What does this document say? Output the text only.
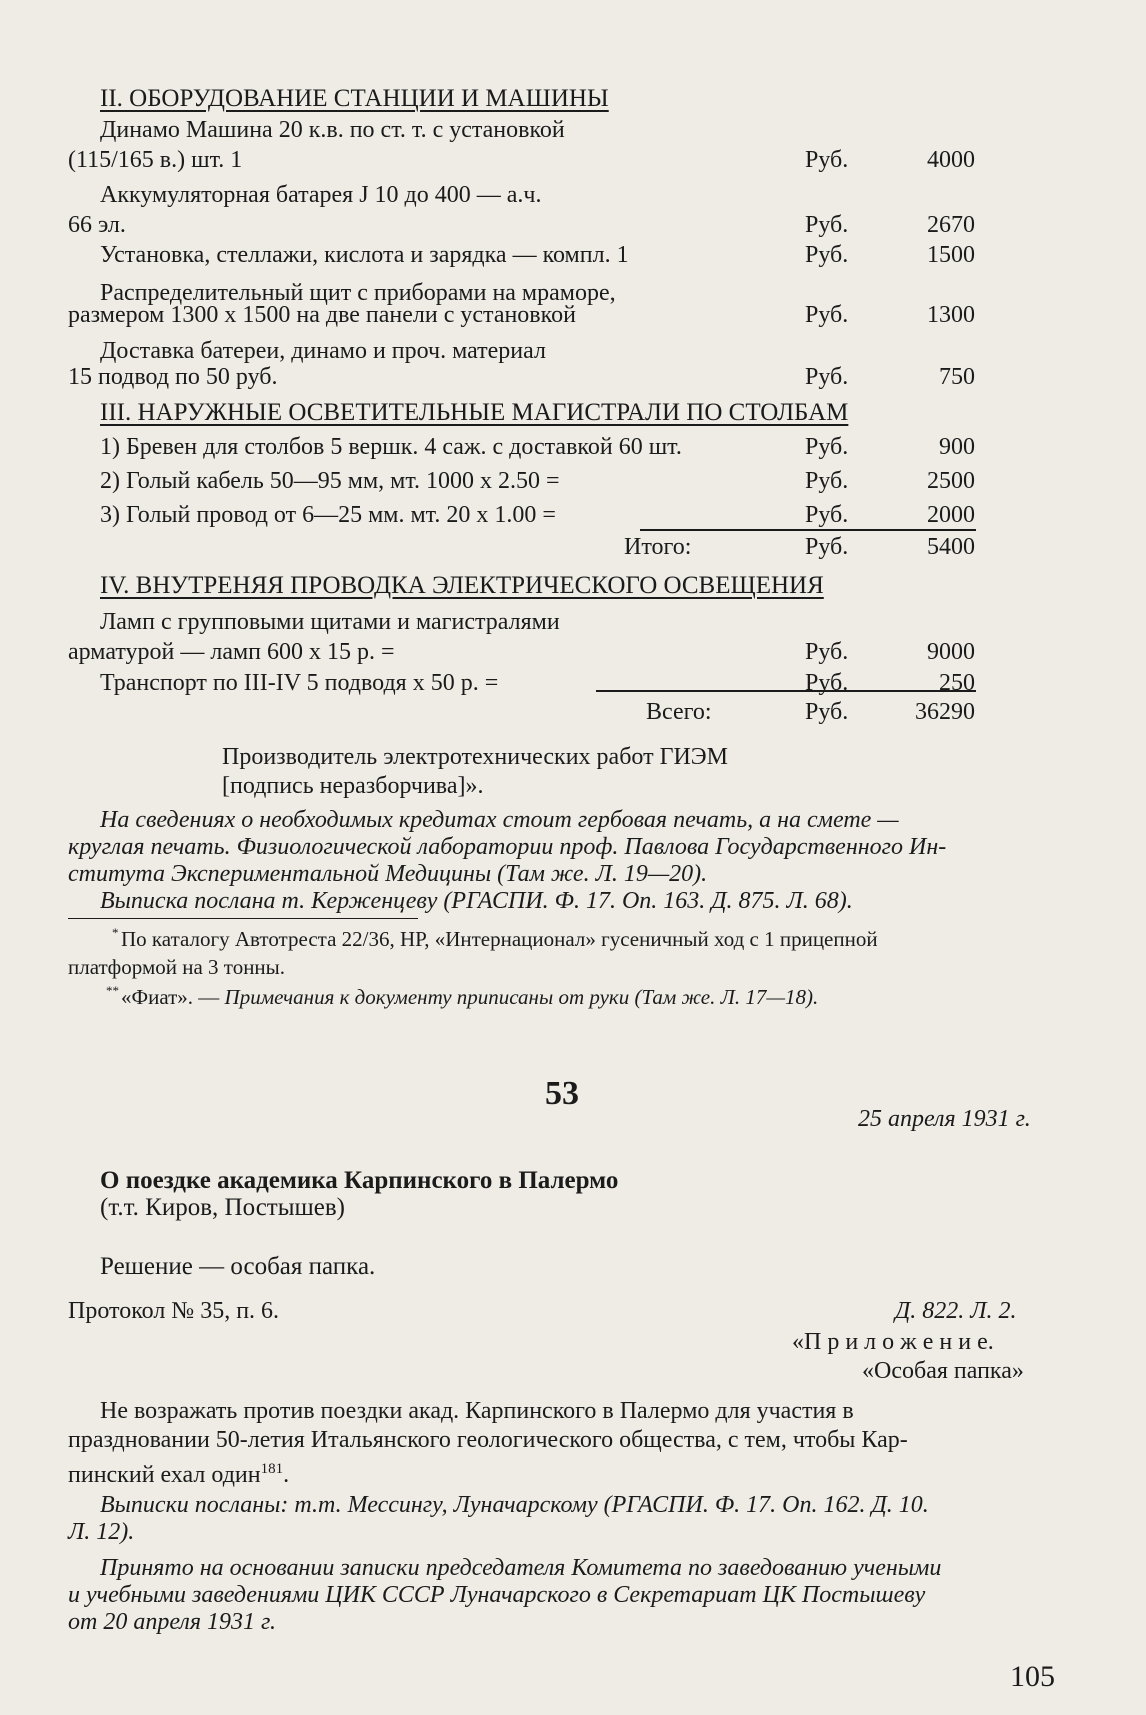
II. ОБОРУДОВАНИЕ СТАНЦИИ И МАШИНЫ
Динамо Машина 20 к.в. по ст. т. с установкой
(115/165 в.) шт. 1	Руб.	4000
Аккумуляторная батарея J 10 до 400 — а.ч.
66 эл.	Руб.	2670
Установка, стеллажи, кислота и зарядка — компл. 1	Руб.	1500
Распределительный щит с приборами на мраморе,
размером 1300 x 1500 на две панели с установкой	Руб.	1300
Доставка батереи, динамо и проч. материал
15 подвод по 50 руб.	Руб.	750
III. НАРУЖНЫЕ ОСВЕТИТЕЛЬНЫЕ МАГИСТРАЛИ ПО СТОЛБАМ
1) Бревен для столбов 5 вершк. 4 саж. с доставкой 60 шт.	Руб.	900
2) Голый кабель 50—95 мм, мт. 1000 x 2.50 =	Руб.	2500
3) Голый провод от 6—25 мм. мт. 20 x 1.00 =	Руб.	2000
Итого:	Руб.	5400
IV. ВНУТРЕНЯЯ ПРОВОДКА ЭЛЕКТРИЧЕСКОГО ОСВЕЩЕНИЯ
Ламп с групповыми щитами и магистралями
арматурой — ламп 600 x 15 р. =	Руб.	9000
Транспорт по III-IV 5 подводя x 50 р. =	Руб.	250
Всего:	Руб.	36290
Производитель электротехнических работ ГИЭМ
[подпись неразборчива]».
На сведениях о необходимых кредитах стоит гербовая печать, а на смете —
круглая печать. Физиологической лаборатории проф. Павлова Государственного Ин-
ститута Экспериментальной Медицины (Там же. Л. 19—20).
Выписка послана т. Керженцеву (РГАСПИ. Ф. 17. Оп. 163. Д. 875. Л. 68).
* По каталогу Автотреста 22/36, НР, «Интернационал» гусеничный ход с 1 прицепной
платформой на 3 тонны.
** «Фиат». — Примечания к документу приписаны от руки (Там же. Л. 17—18).
53
25 апреля 1931 г.
О поездке академика Карпинского в Палермо
(т.т. Киров, Постышев)
Решение — особая папка.
Протокол № 35, п. 6.	Д. 822. Л. 2.
«П р и л о ж е н и е.
«Особая папка»
Не возражать против поездки акад. Карпинского в Палермо для участия в
праздновании 50-летия Итальянского геологического общества, с тем, чтобы Кар-
пинский ехал один$^{181}$.
Выписки посланы: т.т. Мессингу, Луначарскому (РГАСПИ. Ф. 17. Оп. 162. Д. 10.
Л. 12).
Принято на основании записки председателя Комитета по заведованию учеными
и учебными заведениями ЦИК СССР Луначарского в Секретариат ЦК Постышеву
от 20 апреля 1931 г.
105
